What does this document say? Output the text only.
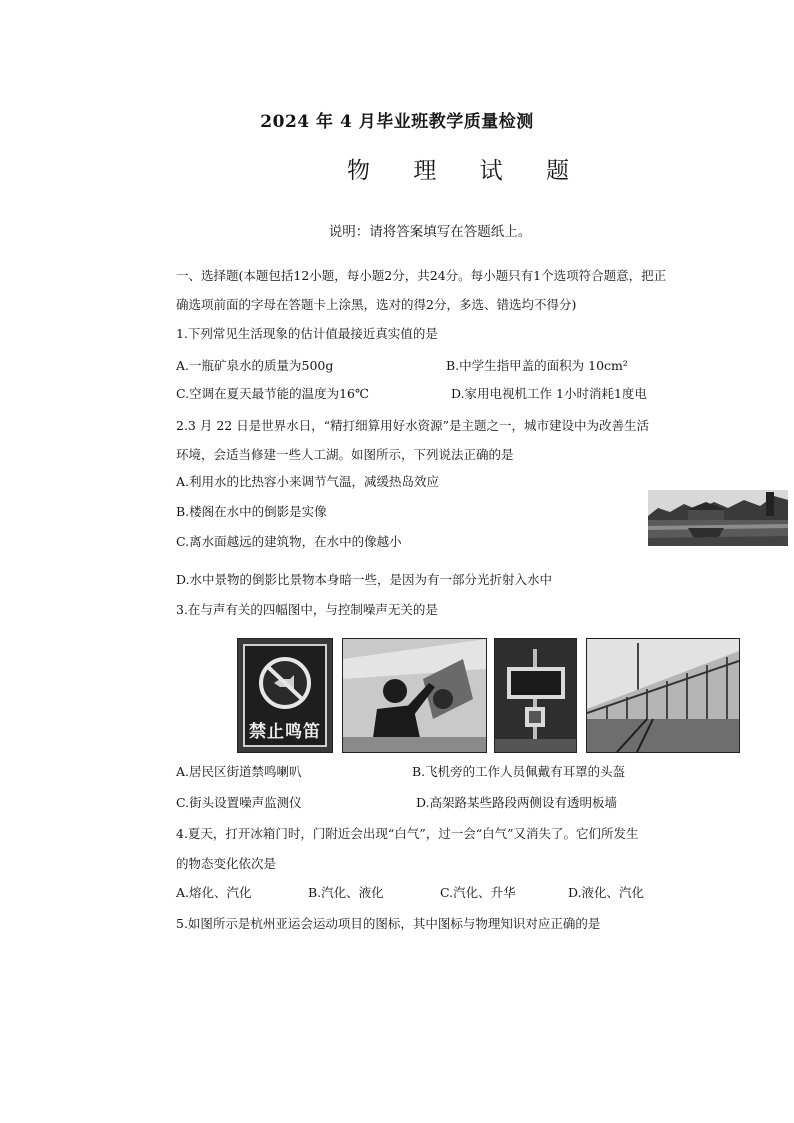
2024 年 4 月毕业班教学质量检测
物 理 试 题
说明：请将答案填写在答题纸上。
一、选择题(本题包括12小题，每小题2分，共24分。每小题只有1个选项符合题意，把正
确选项前面的字母在答题卡上涂黑，选对的得2分，多选、错选均不得分)
1.下列常见生活现象的估计值最接近真实值的是
A.一瓶矿泉水的质量为500g	B.中学生指甲盖的面积为 10cm²
C.空调在夏天最节能的温度为16℃	D.家用电视机工作 1小时消耗1度电
2.3 月 22 日是世界水日，“精打细算用好水资源”是主题之一，城市建设中为改善生活
环境，会适当修建一些人工湖。如图所示，下列说法正确的是
A.利用水的比热容小来调节气温，减缓热岛效应
B.楼阁在水中的倒影是实像
C.离水面越远的建筑物，在水中的像越小
D.水中景物的倒影比景物本身暗一些，是因为有一部分光折射入水中
3.在与声有关的四幅图中，与控制噪声无关的是
禁止鸣笛
A.居民区街道禁鸣喇叭	B.飞机旁的工作人员佩戴有耳罩的头盔
C.街头设置噪声监测仪	D.高架路某些路段两侧设有透明板墙
4.夏天，打开冰箱门时，门附近会出现“白气”，过一会“白气”又消失了。它们所发生
的物态变化依次是
A.熔化、汽化	B.汽化、液化	C.汽化、升华	D.液化、汽化
5.如图所示是杭州亚运会运动项目的图标，其中图标与物理知识对应正确的是
